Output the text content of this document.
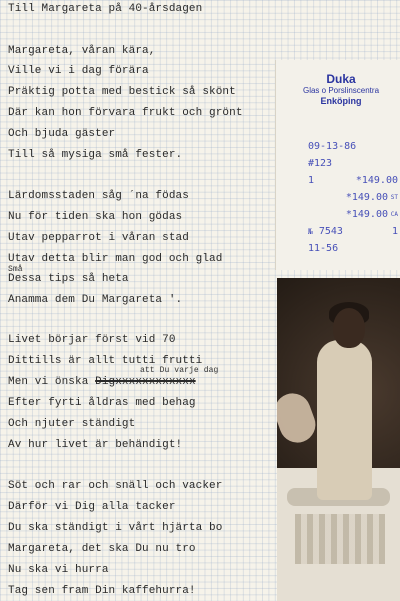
Till Margareta på 40-årsdagen
Margareta, våran kära,
Ville vi i dag förära
Präktig potta med bestick så skönt
Där kan hon förvara frukt och grönt
Och bjuda gäster
Till så mysiga små fester.
Lärdomsstaden såg ´na födas
Nu för tiden ska hon gödas
Utav pepparrot i våran stad
Utav detta blir man god och glad
Små
Dessa tips så heta
Anamma dem Du Margareta '.
Livet börjar först vid 70
Dittills är allt tutti frutti
att Du varje dag
Men vi önska Digxxxxxxxxxxxx
Efter fyrti åldras med behag
Och njuter ständigt
Av hur livet är behändigt!
Söt och rar och snäll och vacker
Därför vi Dig alla tacker
Du ska ständigt i vårt hjärta bo
Margareta, det ska Du nu tro
Nu ska vi hurra
Tag sen fram Din kaffehurra!
Duka
Glas o Porslinscentra
Enköping
09-13-86
#123
1	*149.00
*149.00 ST

*149.00 CA

№ 7543	1
11-56
